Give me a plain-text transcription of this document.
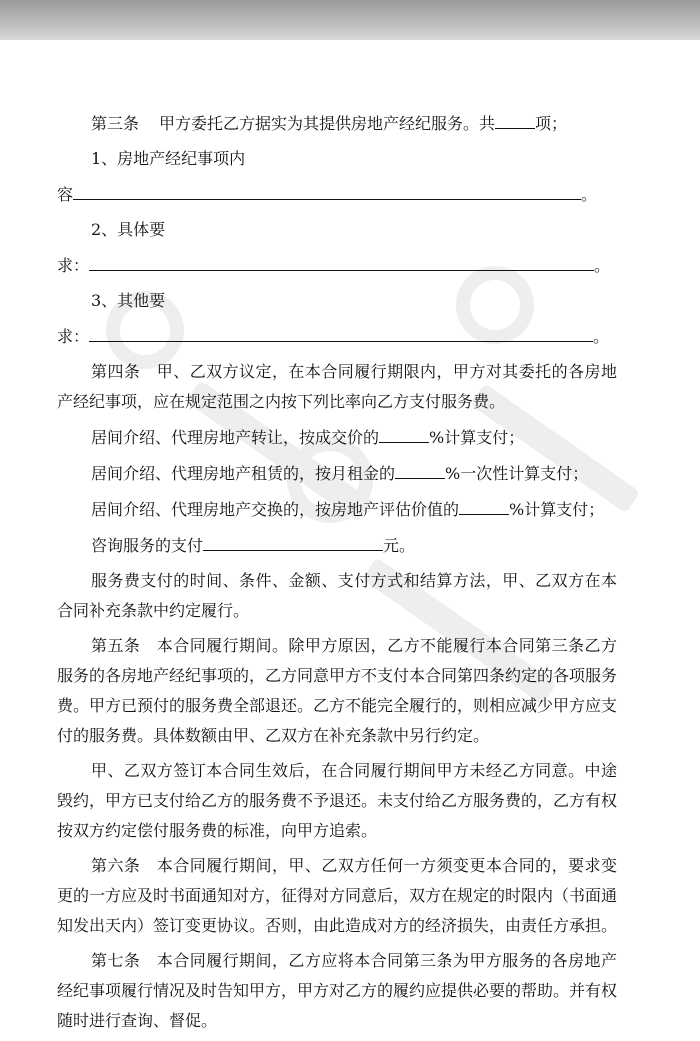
第三条 甲方委托乙方据实为其提供房地产经纪服务。共	项；
1、房地产经纪事项内
容	。
2、具体要
求：	。
3、其他要
求：	。

第四条　甲、乙双方议定，在本合同履行期限内，甲方对其委托的各房地产经纪事项，应在规定范围之内按下列比率向乙方支付服务费。

居间介绍、代理房地产转让，按成交价的	%计算支付；
居间介绍、代理房地产租赁的，按月租金的	%一次性计算支付；
居间介绍、代理房地产交换的，按房地产评估价值的	%计算支付；
咨询服务的支付	元。

服务费支付的时间、条件、金额、支付方式和结算方法，甲、乙双方在本合同补充条款中约定履行。

第五条　本合同履行期间。除甲方原因，乙方不能履行本合同第三条乙方服务的各房地产经纪事项的，乙方同意甲方不支付本合同第四条约定的各项服务费。甲方已预付的服务费全部退还。乙方不能完全履行的，则相应减少甲方应支付的服务费。具体数额由甲、乙双方在补充条款中另行约定。

甲、乙双方签订本合同生效后，在合同履行期间甲方未经乙方同意。中途毁约，甲方已支付给乙方的服务费不予退还。未支付给乙方服务费的，乙方有权按双方约定偿付服务费的标准，向甲方追索。

第六条　本合同履行期间，甲、乙双方任何一方须变更本合同的，要求变更的一方应及时书面通知对方，征得对方同意后，双方在规定的时限内（书面通知发出天内）签订变更协议。否则，由此造成对方的经济损失，由责任方承担。

第七条　本合同履行期间，乙方应将本合同第三条为甲方服务的各房地产经纪事项履行情况及时告知甲方，甲方对乙方的履约应提供必要的帮助。并有权随时进行查询、督促。
